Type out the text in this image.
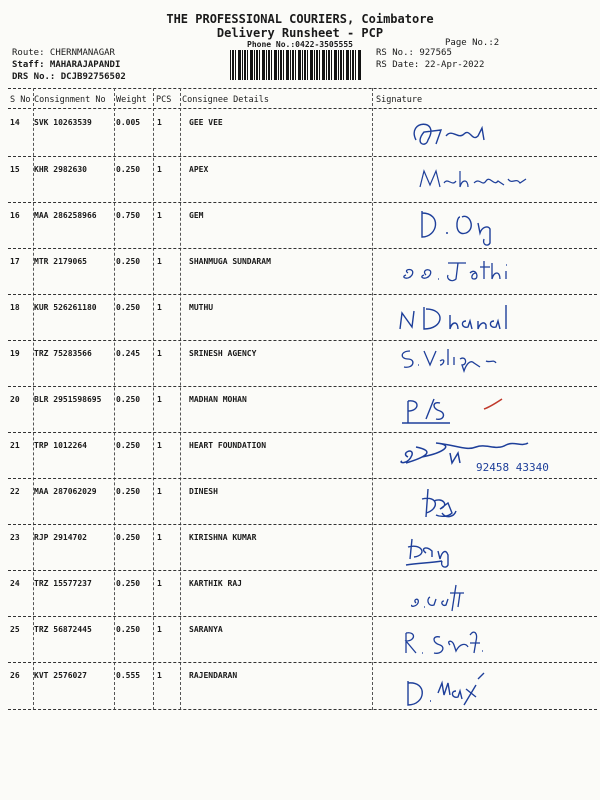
THE PROFESSIONAL COURIERS, Coimbatore
Delivery Runsheet - PCP
Phone No.:0422-3505555	Page No.:2
Route: CHERNMANAGAR
Staff: MAHARAJAPANDI
DRS No.: DCJB92756502
RS No.: 927565
RS Date: 22-Apr-2022
S No Consignment No Weight PCS Consignee Details	Signature
14 SVK 10263539	0.005 1	GEE VEE
15 KHR 2982630	0.250 1	APEX
16 MAA 286258966 0.750 1	GEM
17 MTR 2179065	0.250 1	SHANMUGA SUNDARAM
18 KUR 526261180 0.250 1	MUTHU
19 TRZ 75283566	0.245 1	SRINESH AGENCY
20 BLR 2951598695 0.250 1	MADHAN MOHAN
21 TRP 1012264	0.250 1	HEART FOUNDATION
92458 43340
22 MAA 287062029 0.250 1	DINESH
23 RJP 2914702	0.250 1	KIRISHNA KUMAR
24 TRZ 15577237	0.250 1	KARTHIK RAJ
25 TRZ 56872445	0.250 1	SARANYA
26 KVT 2576027	0.555 1	RAJENDARAN
